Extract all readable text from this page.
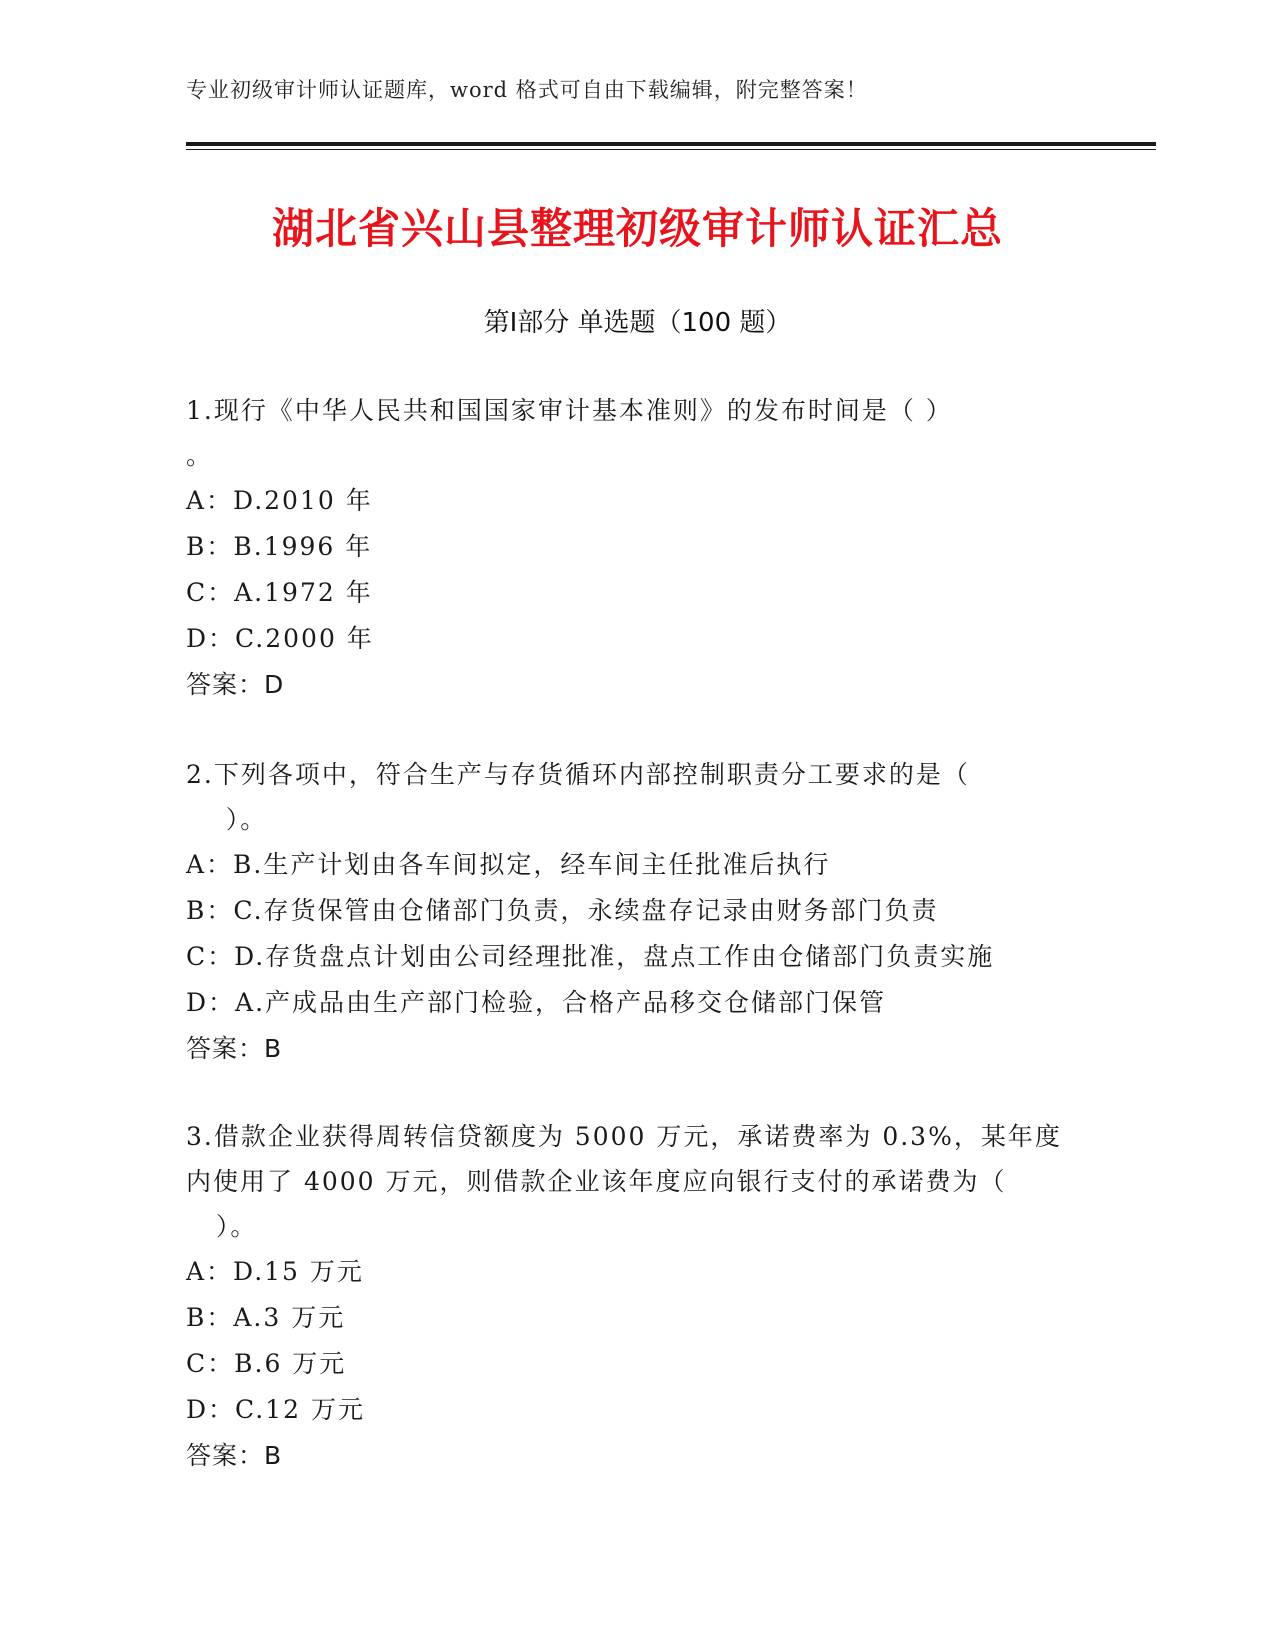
专业初级审计师认证题库，word 格式可自由下载编辑，附完整答案！
湖北省兴山县整理初级审计师认证汇总
第Ⅰ部分 单选题（100 题）
1.现行《中华人民共和国国家审计基本准则》的发布时间是（ ）
。
A：D.2010 年
B：B.1996 年
C：A.1972 年
D：C.2000 年
答案：D
2.下列各项中，符合生产与存货循环内部控制职责分工要求的是（
）。
A：B.生产计划由各车间拟定，经车间主任批准后执行
B：C.存货保管由仓储部门负责，永续盘存记录由财务部门负责
C：D.存货盘点计划由公司经理批准，盘点工作由仓储部门负责实施
D：A.产成品由生产部门检验，合格产品移交仓储部门保管
答案：B
3.借款企业获得周转信贷额度为 5000 万元，承诺费率为 0.3%，某年度
内使用了 4000 万元，则借款企业该年度应向银行支付的承诺费为（
）。
A：D.15 万元
B：A.3 万元
C：B.6 万元
D：C.12 万元
答案：B
